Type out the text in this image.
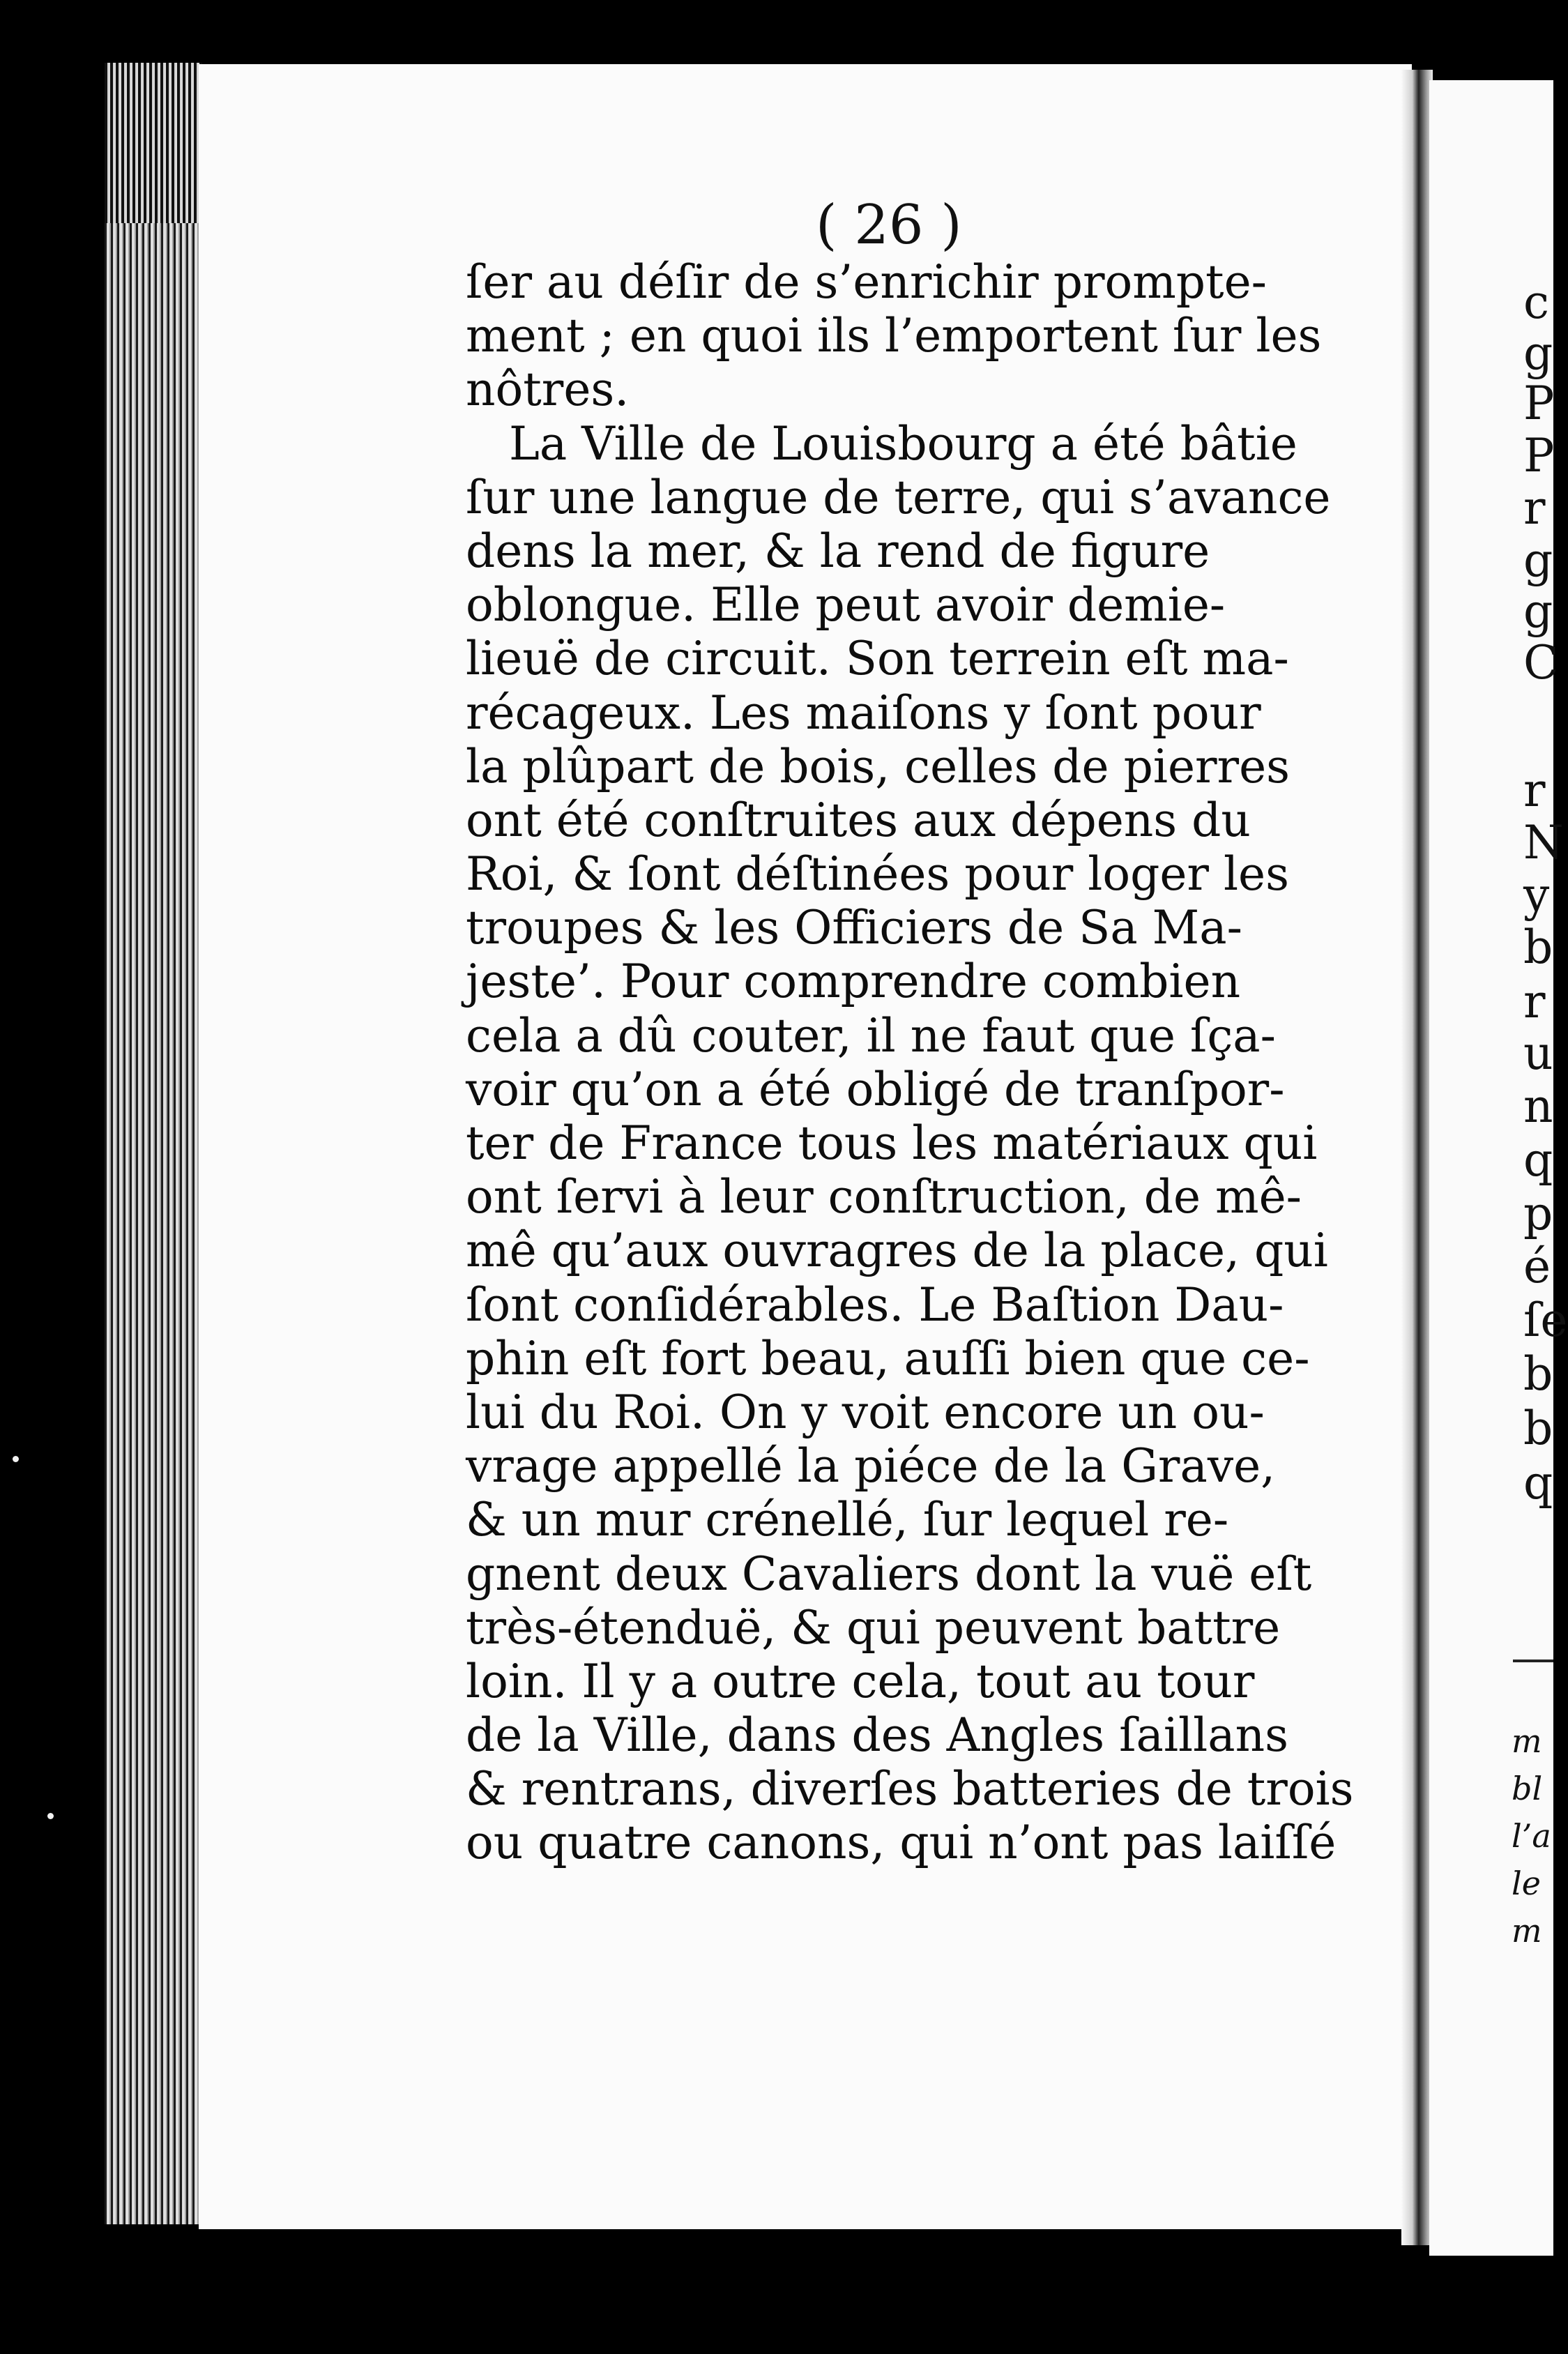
( 26 )
ſer au déſir de s’enrichir prompte-
ment ; en quoi ils l’emportent ſur les
nôtres.
La Ville de Louisbourg a été bâtie
ſur une langue de terre, qui s’avance
dens la mer, & la rend de figure
oblongue. Elle peut avoir demie-
lieuë de circuit. Son terrein eſt ma-
récageux. Les maiſons y ſont pour
la plûpart de bois, celles de pierres
ont été conſtruites aux dépens du
Roi, & ſont déſtinées pour loger les
troupes & les Officiers de Sa Ma-
jeste’. Pour comprendre combien
cela a dû couter, il ne faut que ſça-
voir qu’on a été obligé de tranſpor-
ter de France tous les matériaux qui
ont ſervi à leur conſtruction, de mê-
mê qu’aux ouvragres de la place, qui
ſont conſidérables. Le Baſtion Dau-
phin eſt fort beau, auſſi bien que ce-
lui du Roi. On y voit encore un ou-
vrage appellé la piéce de la Grave,
& un mur crénellé, ſur lequel re-
gnent deux Cavaliers dont la vuë eſt
très-étenduë, & qui peuvent battre
loin. Il y a outre cela, tout au tour
de la Ville, dans des Angles ſaillans
& rentrans, diverſes batteries de trois
ou quatre canons, qui n’ont pas laiſſé
c
g
P
P
r
g
g
C
r
N
y
b
r
u
n
q
p
é
ſe
b
b
q
m
bl
l’a
le
m
